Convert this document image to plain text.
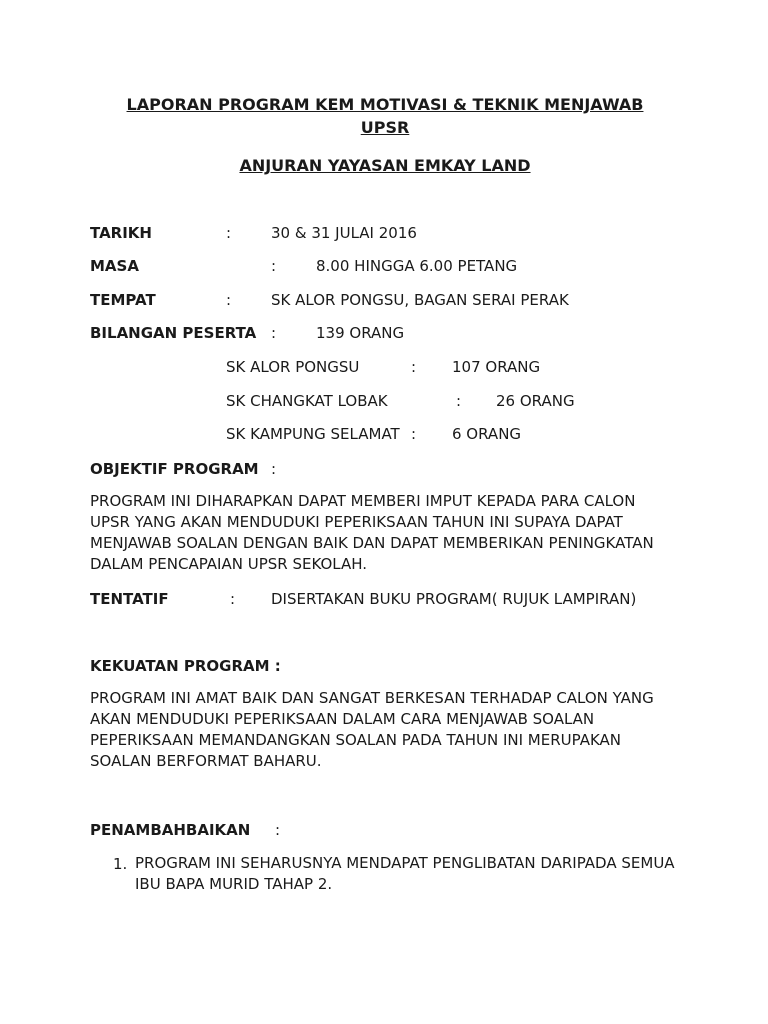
LAPORAN PROGRAM KEM MOTIVASI & TEKNIK MENJAWAB
UPSR
ANJURAN YAYASAN EMKAY LAND
TARIKH	:	30 & 31 JULAI 2016
MASA	:	8.00 HINGGA 6.00 PETANG
TEMPAT	:	SK ALOR PONGSU, BAGAN SERAI PERAK
BILANGAN PESERTA :	139 ORANG
SK ALOR PONGSU	: 107 ORANG
SK CHANGKAT LOBAK	: 26 ORANG
SK KAMPUNG SELAMAT : 6 ORANG
OBJEKTIF PROGRAM :
PROGRAM INI DIHARAPKAN DAPAT MEMBERI IMPUT KEPADA PARA CALON
UPSR YANG AKAN MENDUDUKI PEPERIKSAAN TAHUN INI SUPAYA DAPAT
MENJAWAB SOALAN DENGAN BAIK DAN DAPAT MEMBERIKAN PENINGKATAN
DALAM PENCAPAIAN UPSR SEKOLAH.
TENTATIF	: DISERTAKAN BUKU PROGRAM( RUJUK LAMPIRAN)
KEKUATAN PROGRAM :
PROGRAM INI AMAT BAIK DAN SANGAT BERKESAN TERHADAP CALON YANG
AKAN MENDUDUKI PEPERIKSAAN DALAM CARA MENJAWAB SOALAN
PEPERIKSAAN MEMANDANGKAN SOALAN PADA TAHUN INI MERUPAKAN
SOALAN BERFORMAT BAHARU.
PENAMBAHBAIKAN :
1. PROGRAM INI SEHARUSNYA MENDAPAT PENGLIBATAN DARIPADA SEMUA
IBU BAPA MURID TAHAP 2.
